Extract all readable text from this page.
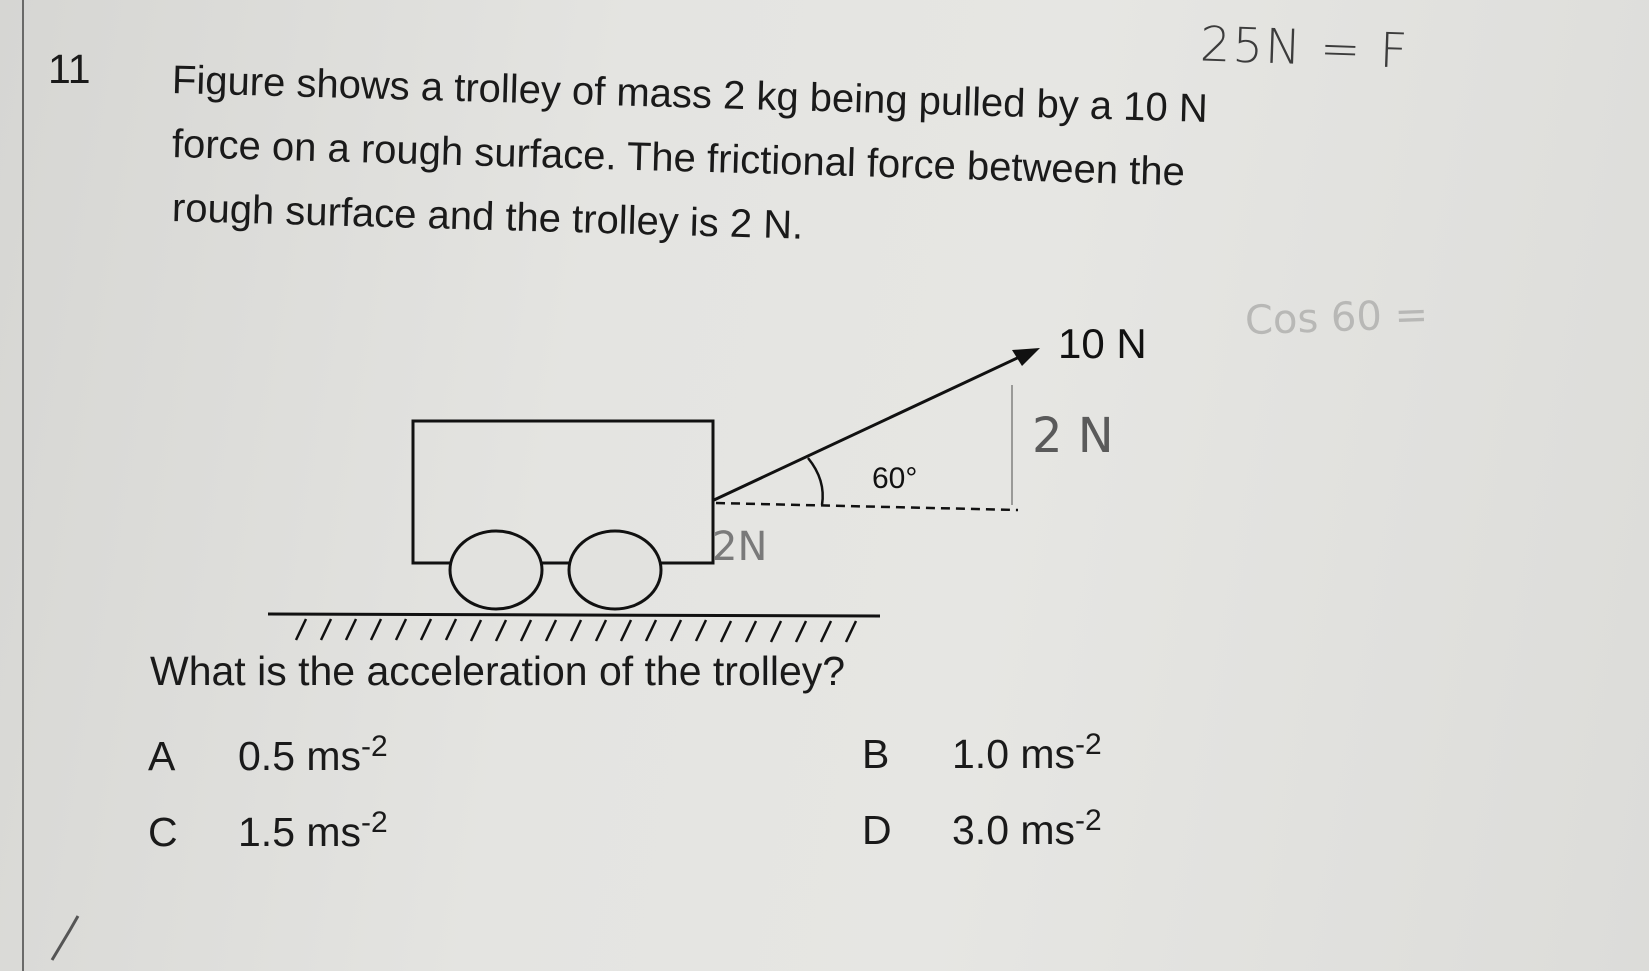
11 Figure shows a trolley of mass 2 kg being pulled by a 10 N
force on a rough surface. The frictional force between the
rough surface and the trolley is 2 N.
10 N
60°
What is the acceleration of the trolley?
A 0.5 $ms^{-2}$	B 1.0 $ms^{-2}$
C 1.5 $ms^{-2}$	D 3.0 $ms^{-2}$
25N = F
Cos 60 =
2 N
2N
